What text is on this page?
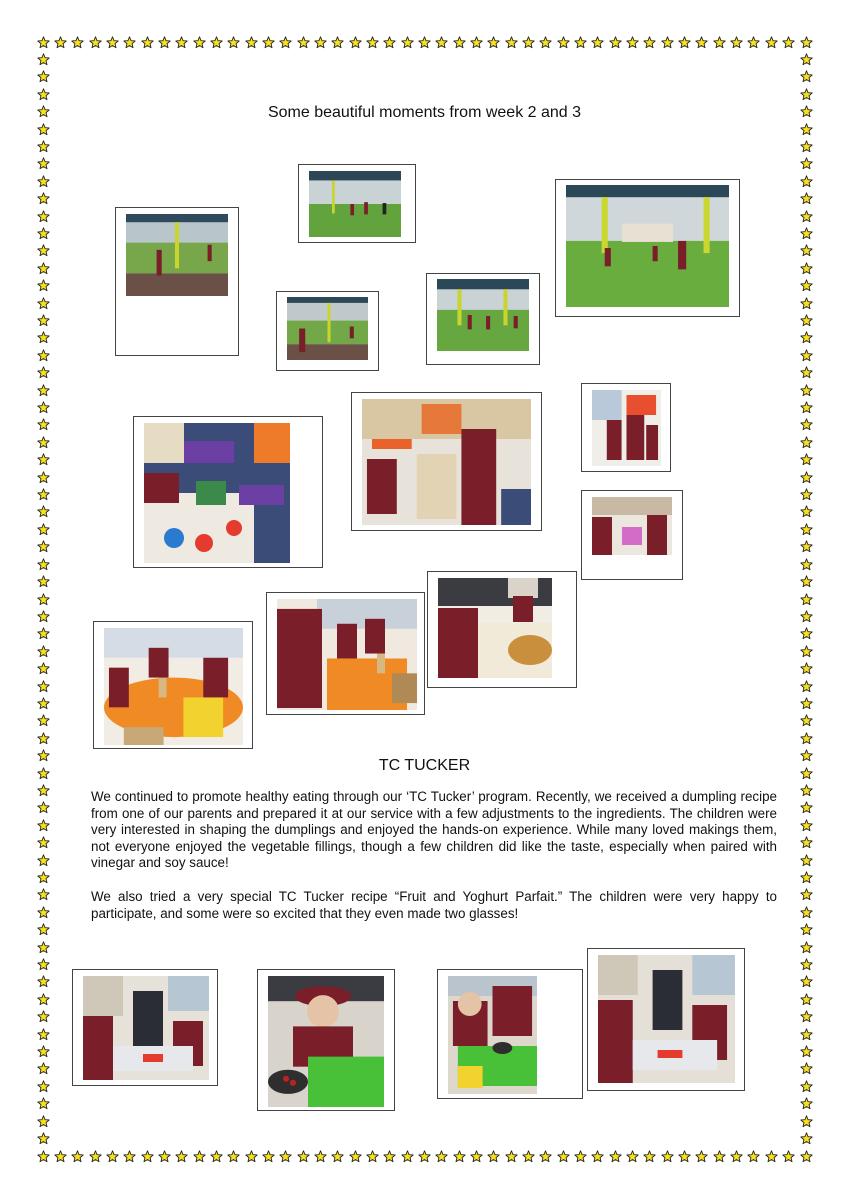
Some beautiful moments from week 2 and 3
TC TUCKER

We continued to promote healthy eating through our ‘TC Tucker’ program. Recently, we received a dumpling recipe from one of our parents and prepared it at our service with a few adjustments to the ingredients. The children were very interested in shaping the dumplings and enjoyed the hands-on experience. While many loved makings them, not everyone enjoyed the vegetable fillings, though a few children did like the taste, especially when paired with vinegar and soy sauce!

We also tried a very special TC Tucker recipe “Fruit and Yoghurt Parfait.” The children were very happy to participate, and some were so excited that they even made two glasses!
